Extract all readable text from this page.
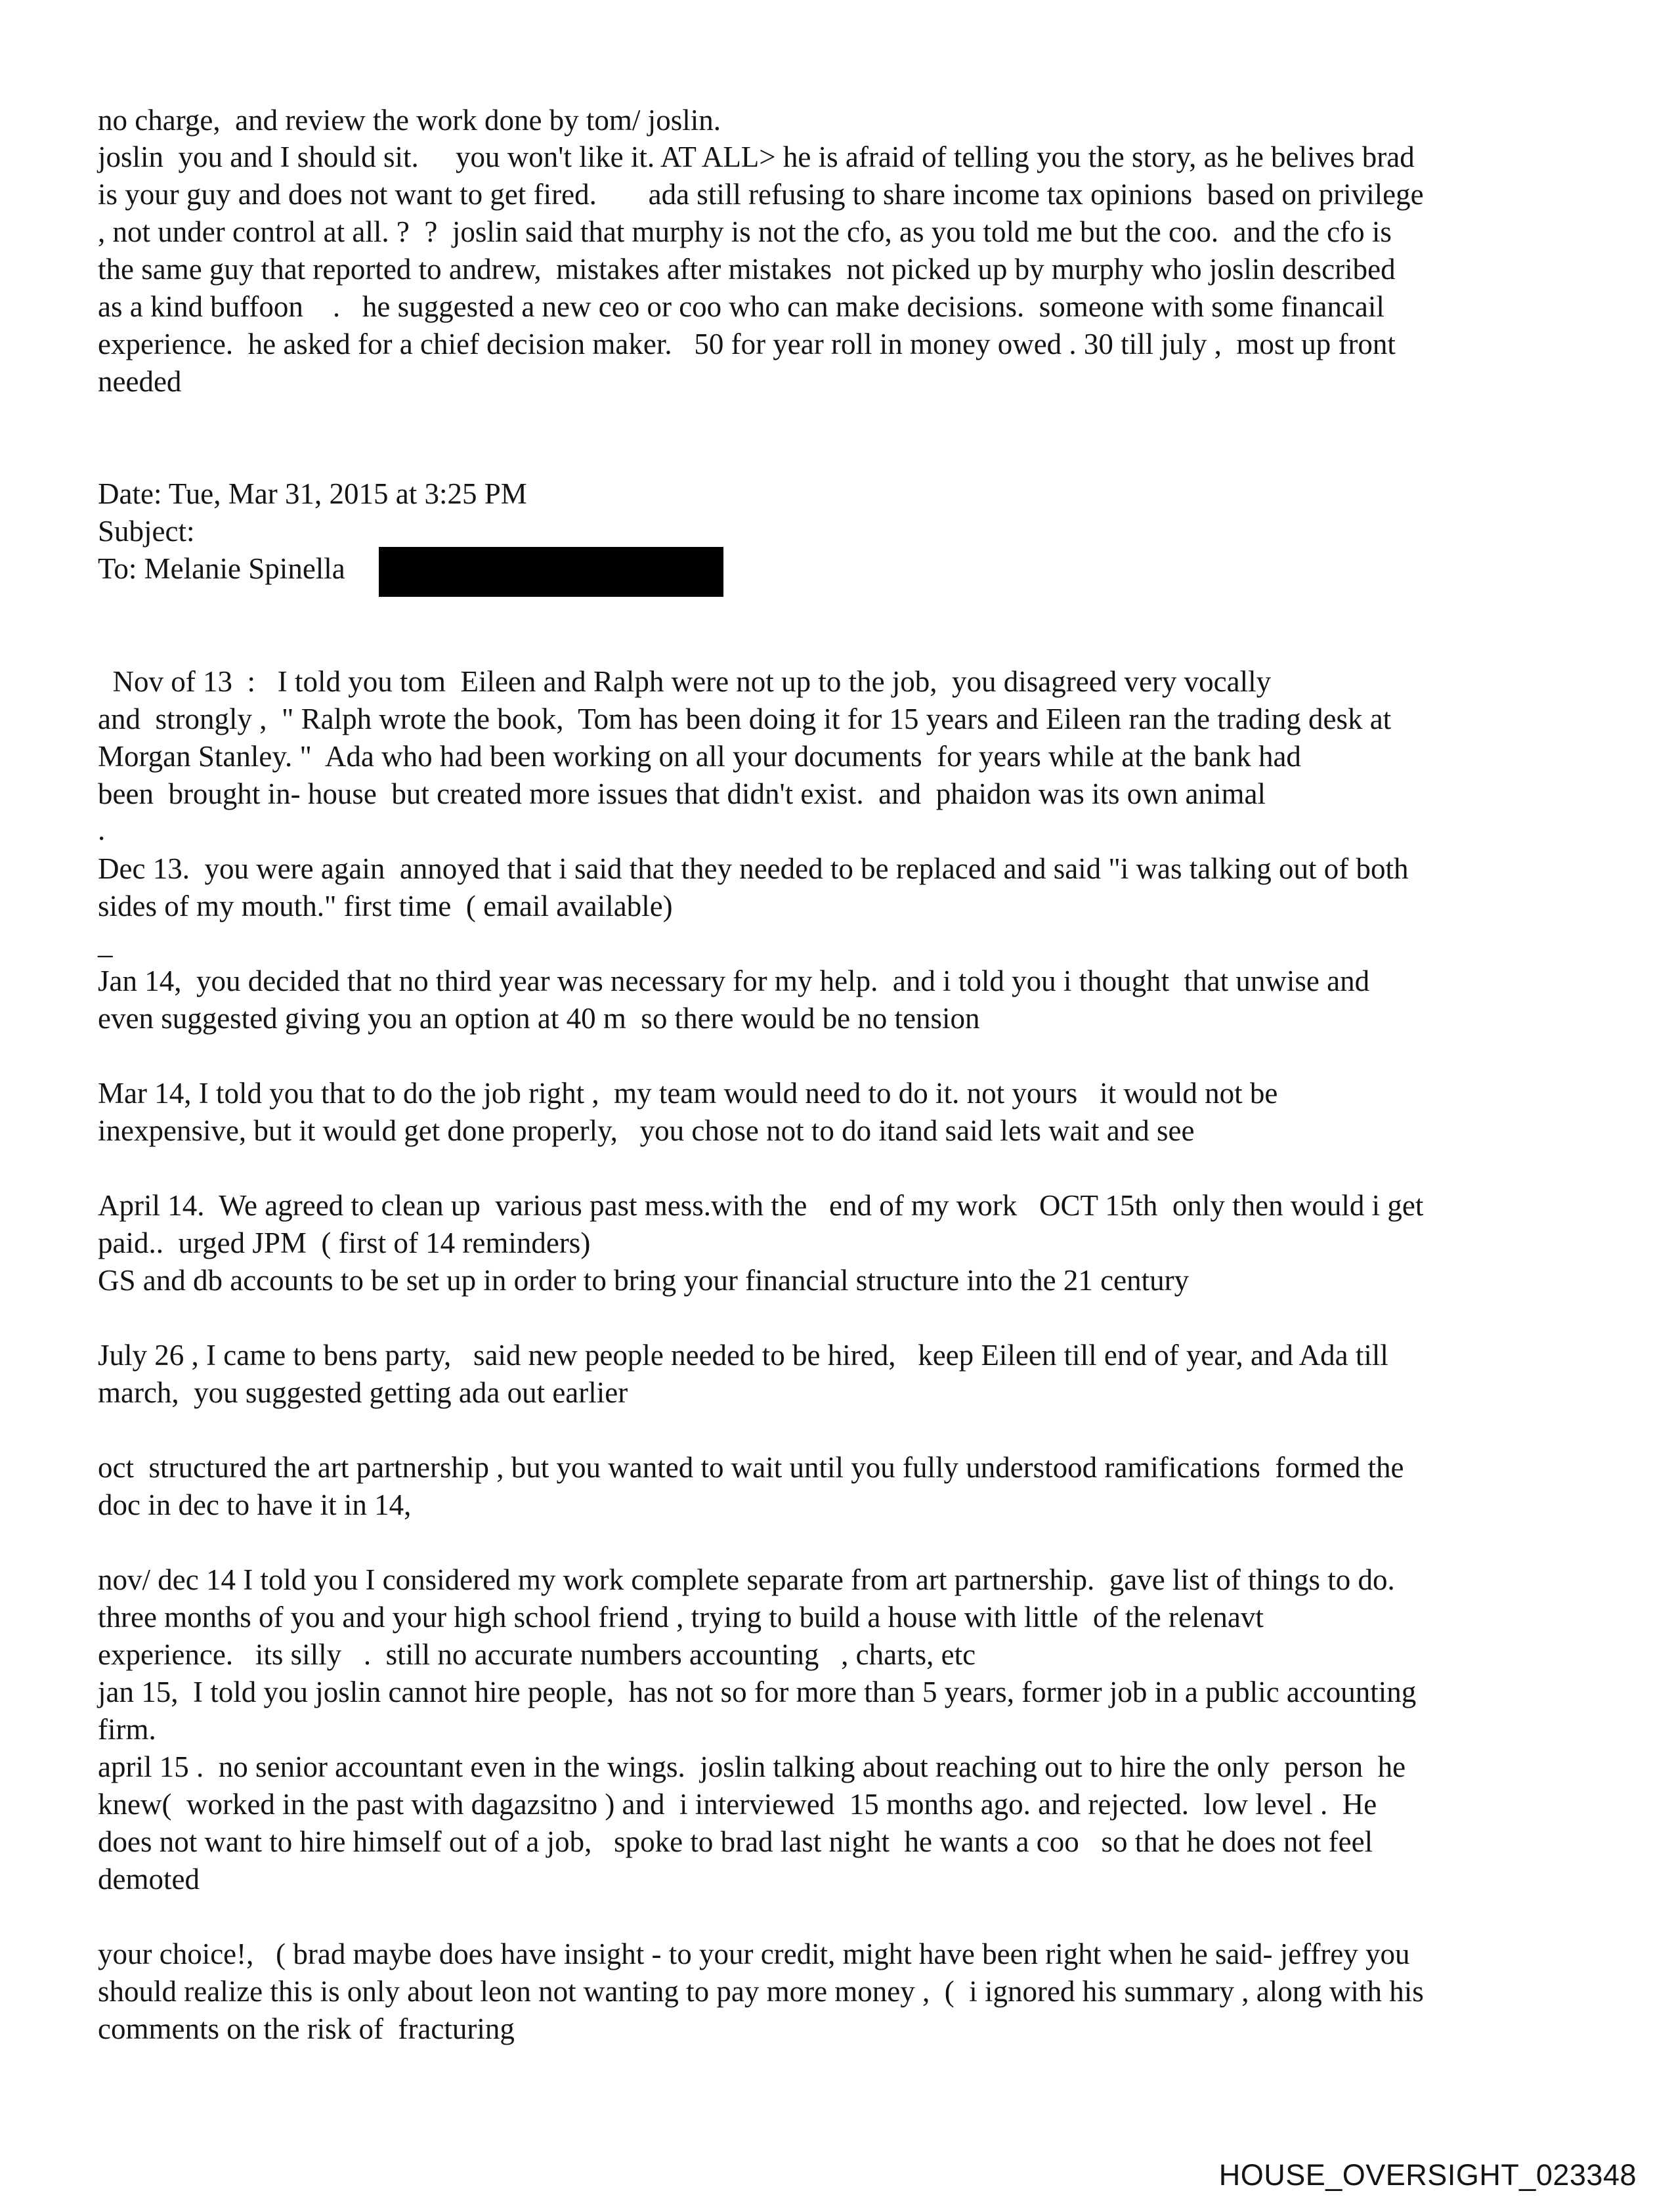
no charge,  and review the work done by tom/ joslin.

joslin  you and I should sit.     you won't like it. AT ALL> he is afraid of telling you the story, as he belives brad

is your guy and does not want to get fired.       ada still refusing to share income tax opinions  based on privilege

, not under control at all. ?  ?  joslin said that murphy is not the cfo, as you told me but the coo.  and the cfo is

the same guy that reported to andrew,  mistakes after mistakes  not picked up by murphy who joslin described

as a kind buffoon    .   he suggested a new ceo or coo who can make decisions.  someone with some financail

experience.  he asked for a chief decision maker.   50 for year roll in money owed . 30 till july ,  most up front

needed

Date: Tue, Mar 31, 2015 at 3:25 PM

Subject:

To: Melanie Spinella

Nov of 13  :   I told you tom  Eileen and Ralph were not up to the job,  you disagreed very vocally

and  strongly ,  " Ralph wrote the book,  Tom has been doing it for 15 years and Eileen ran the trading desk at

Morgan Stanley. "  Ada who had been working on all your documents  for years while at the bank had

been  brought in- house  but created more issues that didn't exist.  and  phaidon was its own animal

.

Dec 13.  you were again  annoyed that i said that they needed to be replaced and said "i was talking out of both

sides of my mouth." first time  ( email available)

_

Jan 14,  you decided that no third year was necessary for my help.  and i told you i thought  that unwise and

even suggested giving you an option at 40 m  so there would be no tension

Mar 14, I told you that to do the job right ,  my team would need to do it. not yours   it would not be

inexpensive, but it would get done properly,   you chose not to do itand said lets wait and see

April 14.  We agreed to clean up  various past mess.with the   end of my work   OCT 15th  only then would i get

paid..  urged JPM  ( first of 14 reminders)

GS and db accounts to be set up in order to bring your financial structure into the 21 century

July 26 , I came to bens party,   said new people needed to be hired,   keep Eileen till end of year, and Ada till

march,  you suggested getting ada out earlier

oct  structured the art partnership , but you wanted to wait until you fully understood ramifications  formed the

doc in dec to have it in 14,

nov/ dec 14 I told you I considered my work complete separate from art partnership.  gave list of things to do.

three months of you and your high school friend , trying to build a house with little  of the relenavt

experience.   its silly   .  still no accurate numbers accounting   , charts, etc

jan 15,  I told you joslin cannot hire people,  has not so for more than 5 years, former job in a public accounting

firm.

april 15 .  no senior accountant even in the wings.  joslin talking about reaching out to hire the only  person  he

knew(  worked in the past with dagazsitno ) and  i interviewed  15 months ago. and rejected.  low level .  He

does not want to hire himself out of a job,   spoke to brad last night  he wants a coo   so that he does not feel

demoted

your choice!,   ( brad maybe does have insight - to your credit, might have been right when he said- jeffrey you

should realize this is only about leon not wanting to pay more money ,  (  i ignored his summary , along with his

comments on the risk of  fracturing

HOUSE_OVERSIGHT_023348
